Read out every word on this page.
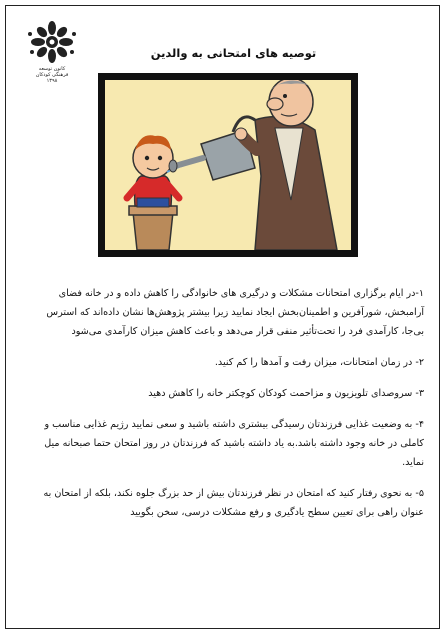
کانون توسعه
فرهنگی کودکان
۱۳۹۸
توصیه های امتحانی به والدین

۱-در ایام برگزاری امتحانات مشکلات و درگیری های خانوادگی را کاهش داده و در خانه فضای آرامبخش، شورآفرین و اطمینان‌بخش ایجاد نمایید زیرا بیشتر پژوهش‌ها نشان داده‌اند که استرس بی‌جا، کارآمدی فرد را تحت‌تأثیر منفی قرار می‌دهد و باعث کاهش میزان کارآمدی می‌شود

۲- در زمان امتحانات، میزان رفت و آمدها را کم کنید.

۳- سروصدای تلویزیون و مزاحمت کودکان کوچکتر خانه را کاهش دهید

۴- به وضعیت غذایی فرزندتان رسیدگی بیشتری داشته باشید و سعی نمایید رژیم غذایی مناسب و کاملی در خانه وجود داشته باشد.به یاد داشته باشید که فرزندتان در روز امتحان حتما صبحانه میل نماید.

۵- به نحوی رفتار کنید که امتحان در نظر فرزندتان بیش از حد بزرگ جلوه نکند، بلکه از امتحان به عنوان راهی برای تعیین سطح یادگیری و رفع مشکلات درسی، سخن بگویید
